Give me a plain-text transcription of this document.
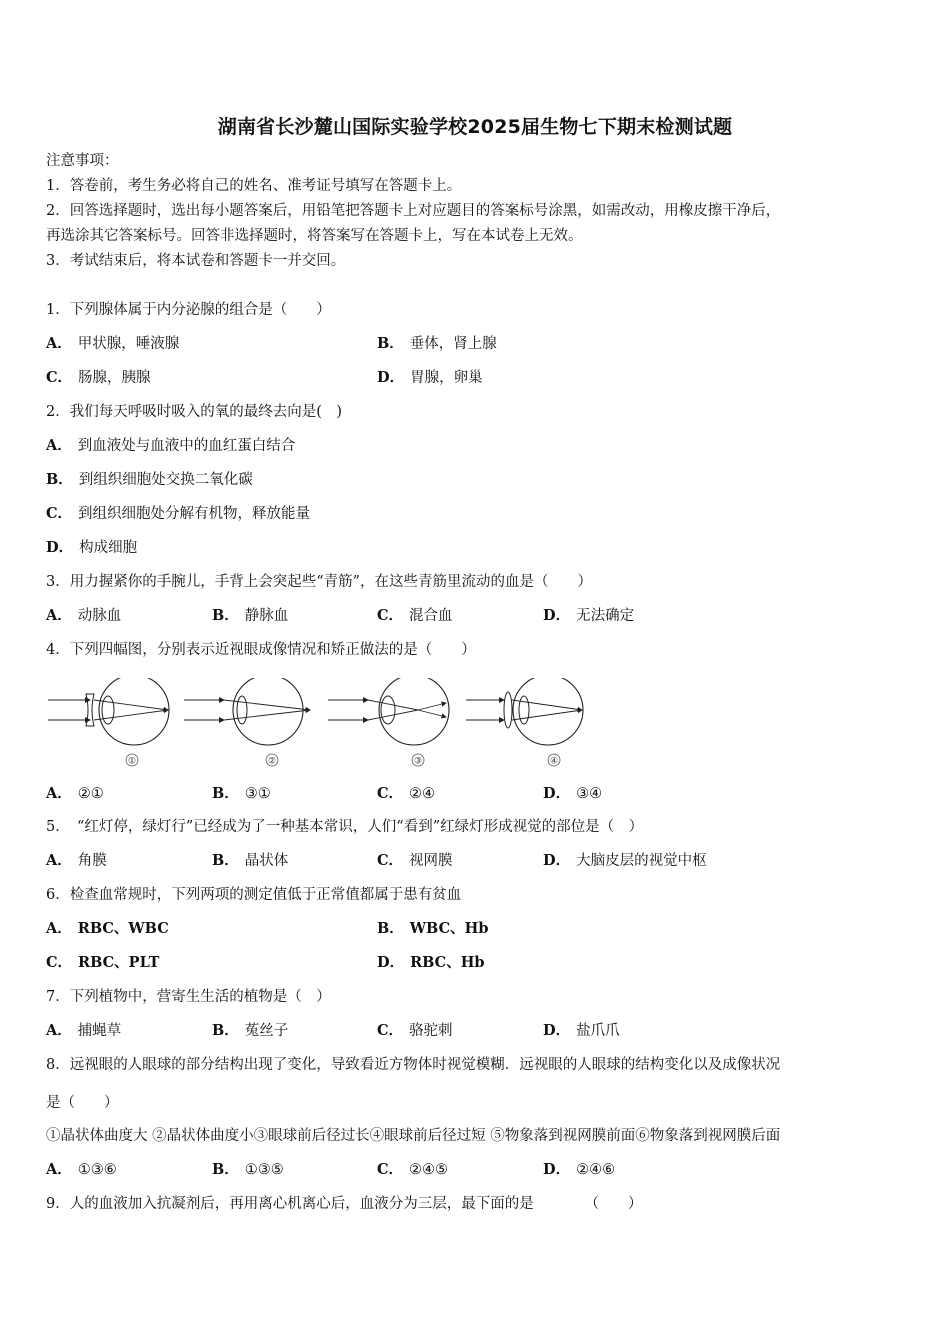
湖南省长沙麓山国际实验学校2025届生物七下期末检测试题
注意事项：
1．答卷前，考生务必将自己的姓名、准考证号填写在答题卡上。
2．回答选择题时，选出每小题答案后，用铅笔把答题卡上对应题目的答案标号涂黑，如需改动，用橡皮擦干净后，
再选涂其它答案标号。回答非选择题时，将答案写在答题卡上，写在本试卷上无效。
3．考试结束后，将本试卷和答题卡一并交回。
1．下列腺体属于内分泌腺的组合是（　　）
A． 甲状腺，唾液腺	B． 垂体，肾上腺
C． 肠腺，胰腺	D． 胃腺，卵巢
2．我们每天呼吸时吸入的氧的最终去向是(　)
A． 到血液处与血液中的血红蛋白结合
B． 到组织细胞处交换二氧化碳
C． 到组织细胞处分解有机物，释放能量
D． 构成细胞
3．用力握紧你的手腕儿，手背上会突起些“青筋”，在这些青筋里流动的血是（　　）
A． 动脉血	B． 静脉血	C． 混合血	D． 无法确定
4．下列四幅图，分别表示近视眼成像情况和矫正做法的是（　　）
①	②	③	④
A． ②①	B． ③①	C． ②④	D． ③④
5．　“红灯停，绿灯行”已经成为了一种基本常识，人们“看到”红绿灯形成视觉的部位是（　）
A． 角膜	B． 晶状体	C． 视网膜	D． 大脑皮层的视觉中枢
6．检查血常规时，下列两项的测定值低于正常值都属于患有贫血
A． RBC、WBC	B． WBC、Hb
C． RBC、PLT	D． RBC、Hb
7．下列植物中，营寄生生活的植物是（　）
A． 捕蝇草	B． 菟丝子	C． 骆驼刺	D． 盐爪爪
8．远视眼的人眼球的部分结构出现了变化，导致看近方物体时视觉模糊．远视眼的人眼球的结构变化以及成像状况
是（　　）
①晶状体曲度大 ②晶状体曲度小③眼球前后径过长④眼球前后径过短 ⑤物象落到视网膜前面⑥物象落到视网膜后面
A． ①③⑥	B． ①③⑤	C． ②④⑤	D． ②④⑥
9．人的血液加入抗凝剂后，再用离心机离心后，血液分为三层，最下面的是　　　　（　　）
